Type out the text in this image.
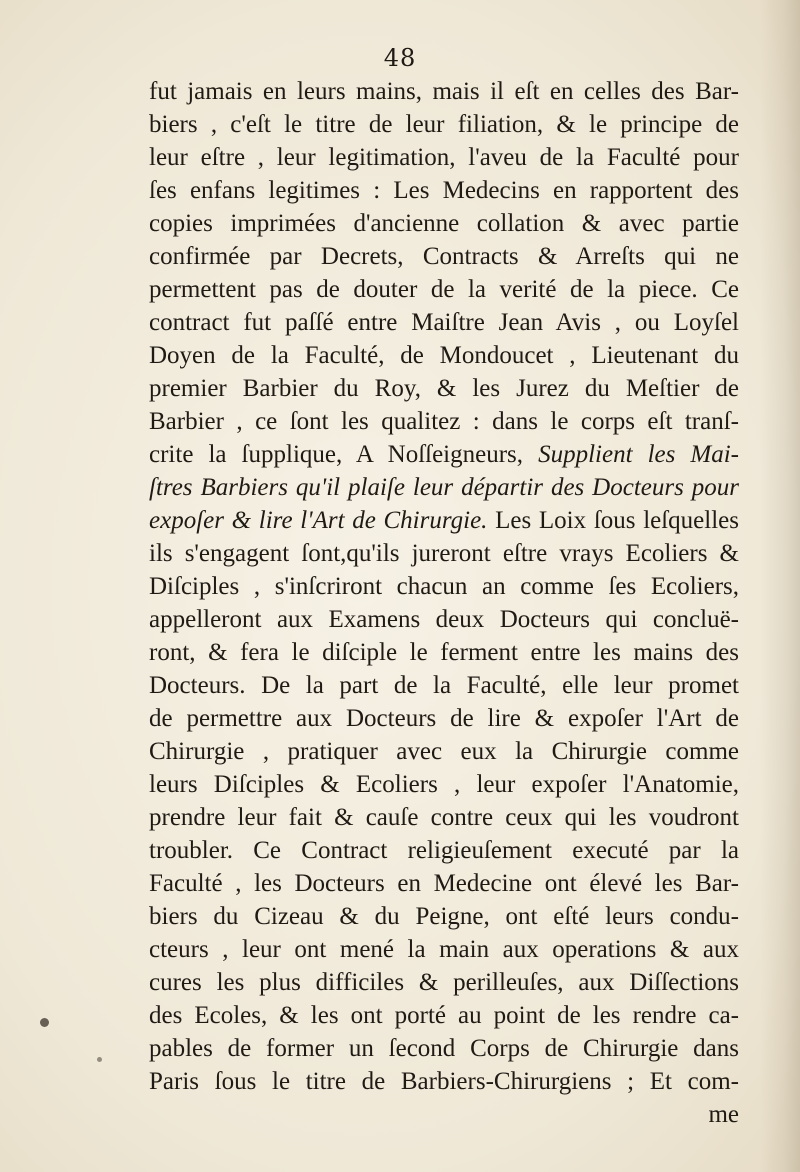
48
fut jamais en leurs mains, mais il eſt en celles des Bar-
biers , c'eſt le titre de leur filiation, & le principe de
leur eſtre , leur legitimation, l'aveu de la Faculté pour
ſes enfans legitimes : Les Medecins en rapportent des
copies imprimées d'ancienne collation & avec partie
confirmée par Decrets, Contracts & Arreſts qui ne
permettent pas de douter de la verité de la piece. Ce
contract fut paſſé entre Maiſtre Jean Avis , ou Loyſel
Doyen de la Faculté, de Mondoucet , Lieutenant du
premier Barbier du Roy, & les Jurez du Meſtier de
Barbier , ce ſont les qualitez : dans le corps eſt tranſ-
crite la ſupplique, A Noſſeigneurs, Supplient les Mai-
ſtres Barbiers qu'il plaiſe leur départir des Docteurs pour
expoſer & lire l'Art de Chirurgie. Les Loix ſous leſquelles
ils s'engagent ſont,qu'ils jureront eſtre vrays Ecoliers &
Diſciples , s'inſcriront chacun an comme ſes Ecoliers,
appelleront aux Examens deux Docteurs qui concluë-
ront, & fera le diſciple le ferment entre les mains des
Docteurs. De la part de la Faculté, elle leur promet
de permettre aux Docteurs de lire & expoſer l'Art de
Chirurgie , pratiquer avec eux la Chirurgie comme
leurs Diſciples & Ecoliers , leur expoſer l'Anatomie,
prendre leur fait & cauſe contre ceux qui les voudront
troubler. Ce Contract religieuſement executé par la
Faculté , les Docteurs en Medecine ont élevé les Bar-
biers du Cizeau & du Peigne, ont eſté leurs condu-
cteurs , leur ont mené la main aux operations & aux
cures les plus difficiles & perilleuſes, aux Diſſections
des Ecoles, & les ont porté au point de les rendre ca-
pables de former un ſecond Corps de Chirurgie dans
Paris ſous le titre de Barbiers-Chirurgiens ; Et com-
me
